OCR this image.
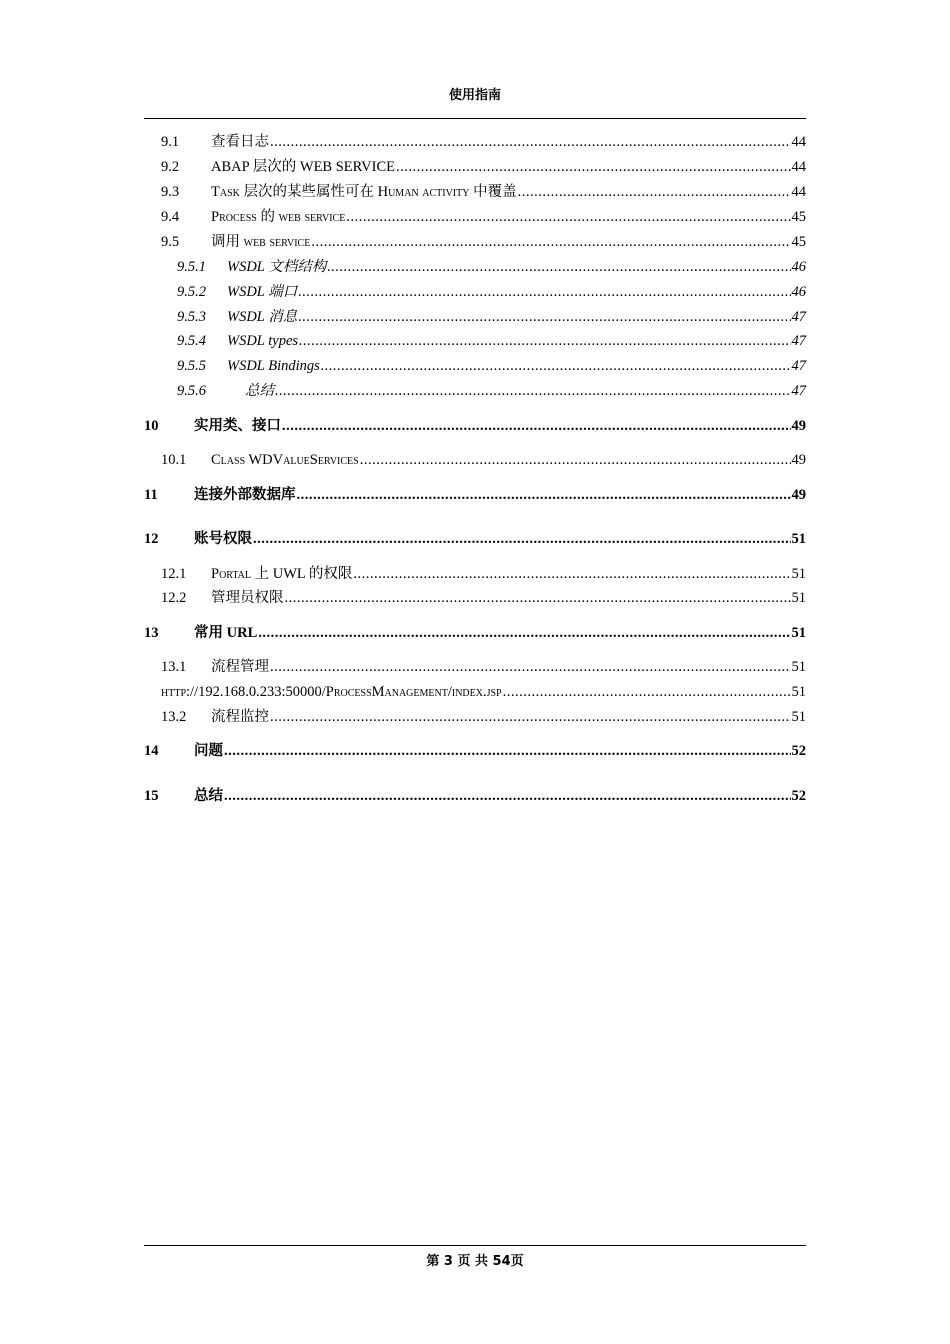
使用指南
9.1	查看日志 .....	44
9.2	ABAP 层次的 WEB SERVICE .....	44
9.3	Task 层次的某些属性可在 Human activity 中覆盖 .....	44
9.4	Process 的 web service .....	45
9.5	调用 web service .....	45
9.5.1	WSDL 文档结构 .....	46
9.5.2	WSDL 端口 .....	46
9.5.3	WSDL 消息 .....	47
9.5.4	WSDL types .....	47
9.5.5	WSDL Bindings .....	47
9.5.6	总结 .....	47
10	实用类、接口 .....	49
10.1	Class WDValueServices .....	49
11	连接外部数据库 .....	49
12	账号权限 .....	51
12.1	Portal 上 UWL 的权限 .....	51
12.2	管理员权限 .....	51
13	常用 URL .....	51
13.1	流程管理 .....	51
http://192.168.0.233:50000/ProcessManagement/index.jsp .....	51
13.2	流程监控 .....	51
14	问题 .....	52
15	总结 .....	52
第 3 页 共 54页
